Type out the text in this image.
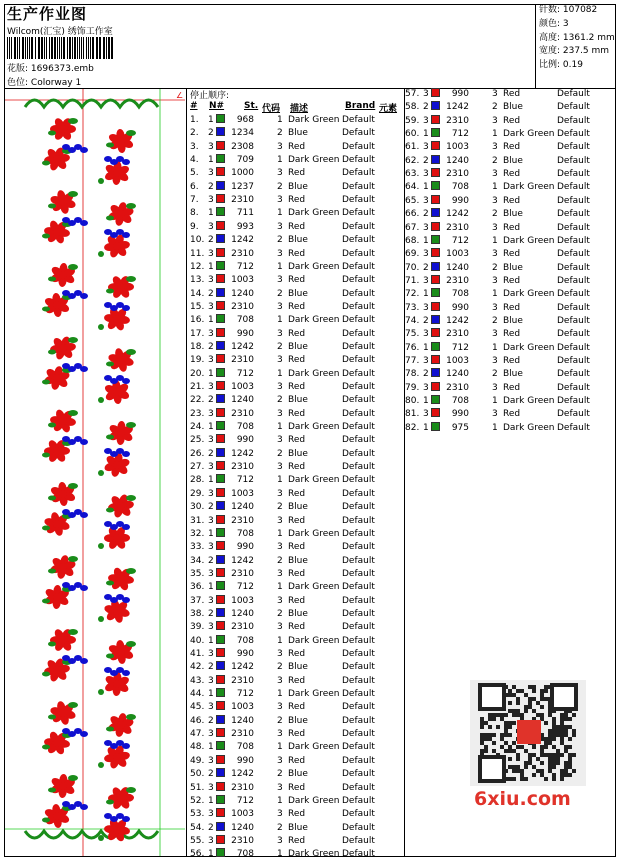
生产作业图
Wilcom(汇宝) 绣饰工作室
花版: 1696373.emb
色位: Colorway 1
针数: 107082
颜色: 3
高度: 1361.2 mm
宽度: 237.5 mm
比例: 0.19
∠ 停止顺序:
# N# St. 代码 描述	Brand 元素
1. 1	968	1 Dark Green Default
2. 2	1234	2 Blue	Default
3. 3	2308	3 Red	Default
4. 1	709	1 Dark Green Default
5. 3	1000	3 Red	Default
6. 2	1237	2 Blue	Default
7. 3	2310	3 Red	Default
8. 1	711	1 Dark Green Default
9. 3	993	3 Red	Default
10. 2	1242	2 Blue	Default
11. 3	2310	3 Red	Default
12. 1	712	1 Dark Green Default
13. 3	1003	3 Red	Default
14. 2	1240	2 Blue	Default
15. 3	2310	3 Red	Default
16. 1	708	1 Dark Green Default
17. 3	990	3 Red	Default
18. 2	1242	2 Blue	Default
19. 3	2310	3 Red	Default
20. 1	712	1 Dark Green Default
21. 3	1003	3 Red	Default
22. 2	1240	2 Blue	Default
23. 3	2310	3 Red	Default
24. 1	708	1 Dark Green Default
25. 3	990	3 Red	Default
26. 2	1242	2 Blue	Default
27. 3	2310	3 Red	Default
28. 1	712	1 Dark Green Default
29. 3	1003	3 Red	Default
30. 2	1240	2 Blue	Default
31. 3	2310	3 Red	Default
32. 1	708	1 Dark Green Default
33. 3	990	3 Red	Default
34. 2	1242	2 Blue	Default
35. 3	2310	3 Red	Default
36. 1	712	1 Dark Green Default
37. 3	1003	3 Red	Default
38. 2	1240	2 Blue	Default
39. 3	2310	3 Red	Default
40. 1	708	1 Dark Green Default
41. 3	990	3 Red	Default
42. 2	1242	2 Blue	Default
43. 3	2310	3 Red	Default
44. 1	712	1 Dark Green Default
45. 3	1003	3 Red	Default
46. 2	1240	2 Blue	Default
47. 3	2310	3 Red	Default
48. 1	708	1 Dark Green Default
49. 3	990	3 Red	Default
50. 2	1242	2 Blue	Default
51. 3	2310	3 Red	Default
52. 1	712	1 Dark Green Default
53. 3	1003	3 Red	Default
54. 2	1240	2 Blue	Default
55. 3	2310	3 Red	Default
56. 1	708	1 Dark Green Default
57. 3	990	3 Red	Default
58. 2	1242	2 Blue	Default
59. 3	2310	3 Red	Default
60. 1	712	1 Dark Green Default
61. 3	1003	3 Red	Default
62. 2	1240	2 Blue	Default
63. 3	2310	3 Red	Default
64. 1	708	1 Dark Green Default
65. 3	990	3 Red	Default
66. 2	1242	2 Blue	Default
67. 3	2310	3 Red	Default
68. 1	712	1 Dark Green Default
69. 3	1003	3 Red	Default
70. 2	1240	2 Blue	Default
71. 3	2310	3 Red	Default
72. 1	708	1 Dark Green Default
73. 3	990	3 Red	Default
74. 2	1242	2 Blue	Default
75. 3	2310	3 Red	Default
76. 1	712	1 Dark Green Default
77. 3	1003	3 Red	Default
78. 2	1240	2 Blue	Default
79. 3	2310	3 Red	Default
80. 1	708	1 Dark Green Default
81. 3	990	3 Red	Default
82. 1	975	1 Dark Green Default
6xiu.com
